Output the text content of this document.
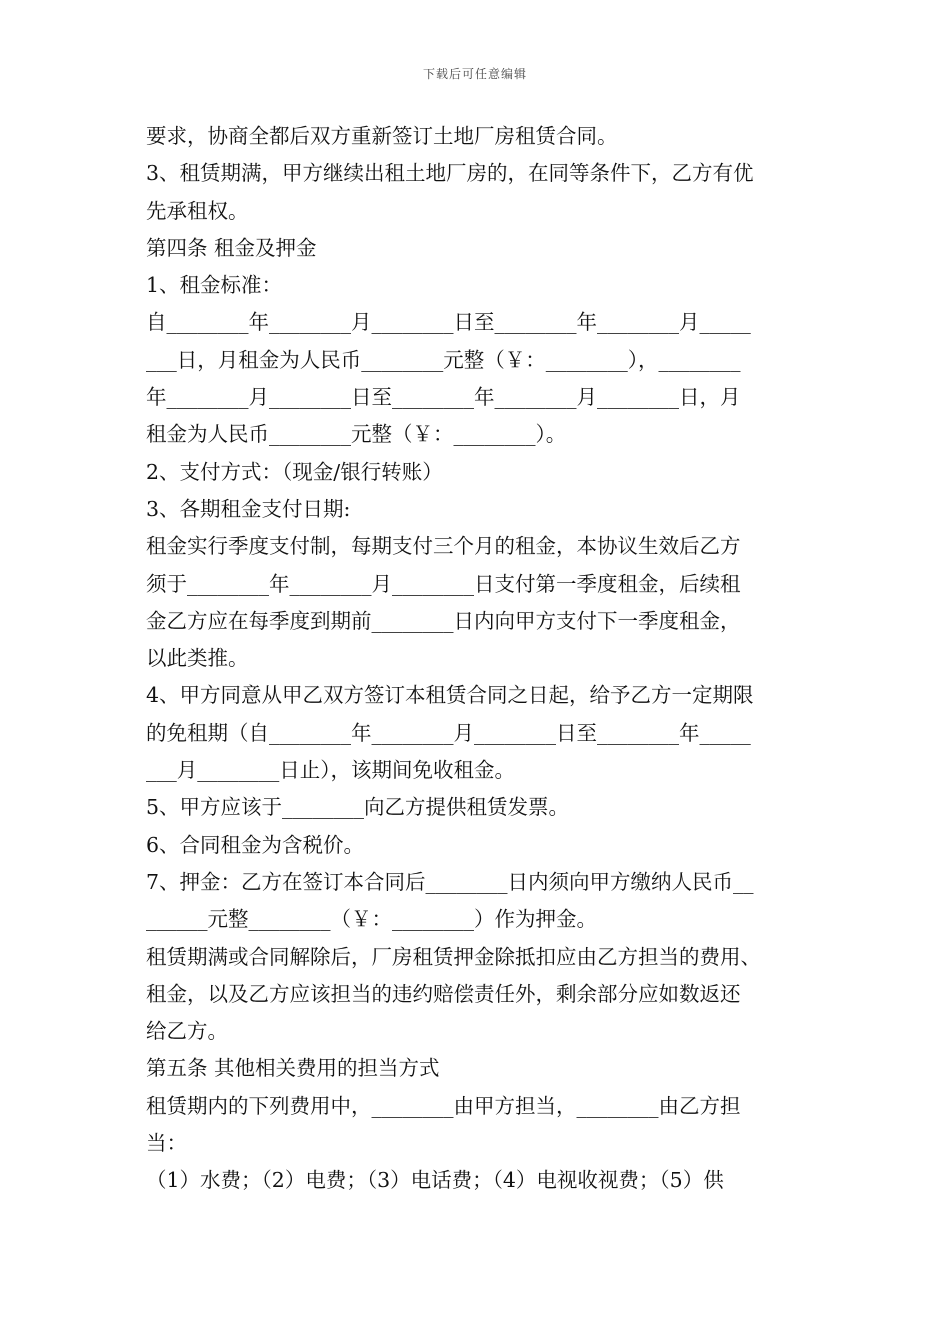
下载后可任意编辑
要求，协商全都后双方重新签订土地厂房租赁合同。
3、租赁期满，甲方继续出租土地厂房的，在同等条件下，乙方有优
先承租权。
第四条 租金及押金
1、租金标准：
自________年________月________日至________年________月_____
___日，月租金为人民币________元整（￥：________），________
年________月________日至________年________月________日，月
租金为人民币________元整（￥：________）。
2、支付方式：（现金/银行转账）
3、各期租金支付日期:
租金实行季度支付制，每期支付三个月的租金，本协议生效后乙方
须于________年________月________日支付第一季度租金，后续租
金乙方应在每季度到期前________日内向甲方支付下一季度租金，
以此类推。
4、甲方同意从甲乙双方签订本租赁合同之日起，给予乙方一定期限
的免租期（自________年________月________日至________年_____
___月________日止），该期间免收租金。
5、甲方应该于________向乙方提供租赁发票。
6、合同租金为含税价。
7、押金：乙方在签订本合同后________日内须向甲方缴纳人民币__
______元整________（￥：________）作为押金。
租赁期满或合同解除后，厂房租赁押金除抵扣应由乙方担当的费用、
租金，以及乙方应该担当的违约赔偿责任外，剩余部分应如数返还
给乙方。
第五条 其他相关费用的担当方式
租赁期内的下列费用中，________由甲方担当，________由乙方担
当：
（1）水费；（2）电费；（3）电话费；（4）电视收视费；（5）供
